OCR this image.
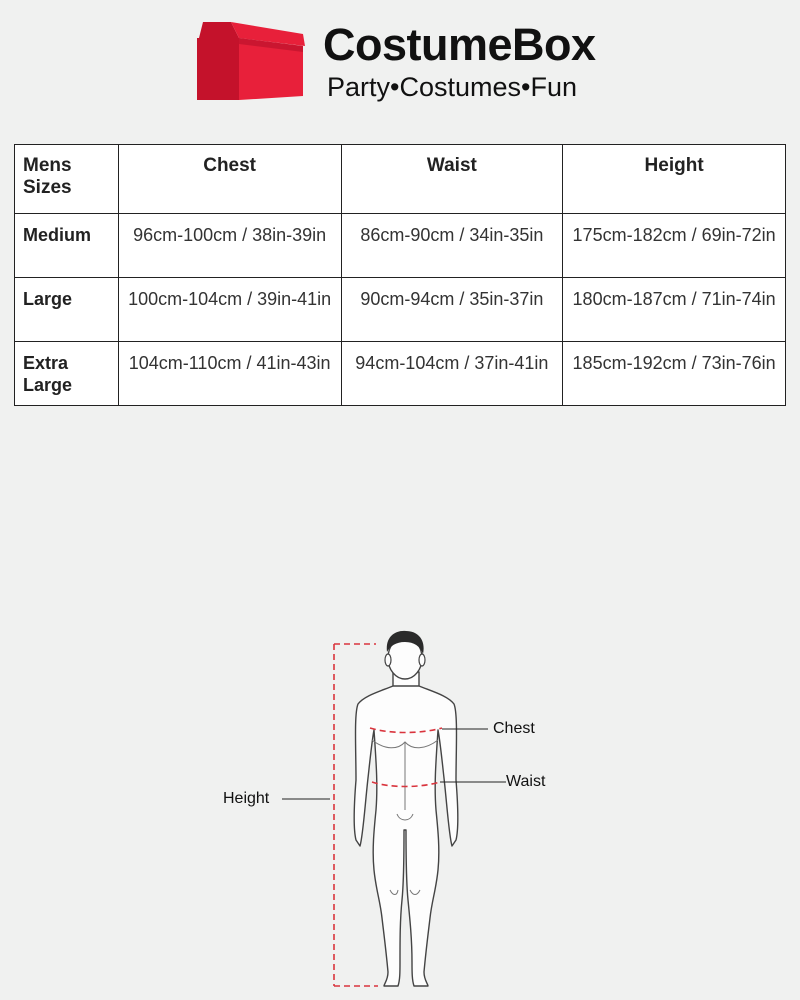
CostumeBox
Party•Costumes•Fun
Mens Sizes	Chest	Waist	Height
Medium	96cm-100cm / 38in-39in	86cm-90cm / 34in-35in	175cm-182cm / 69in-72in
Large	100cm-104cm / 39in-41in	90cm-94cm / 35in-37in	180cm-187cm / 71in-74in
Extra Large	104cm-110cm / 41in-43in	94cm-104cm / 37in-41in	185cm-192cm / 73in-76in
Chest
Waist
Height
